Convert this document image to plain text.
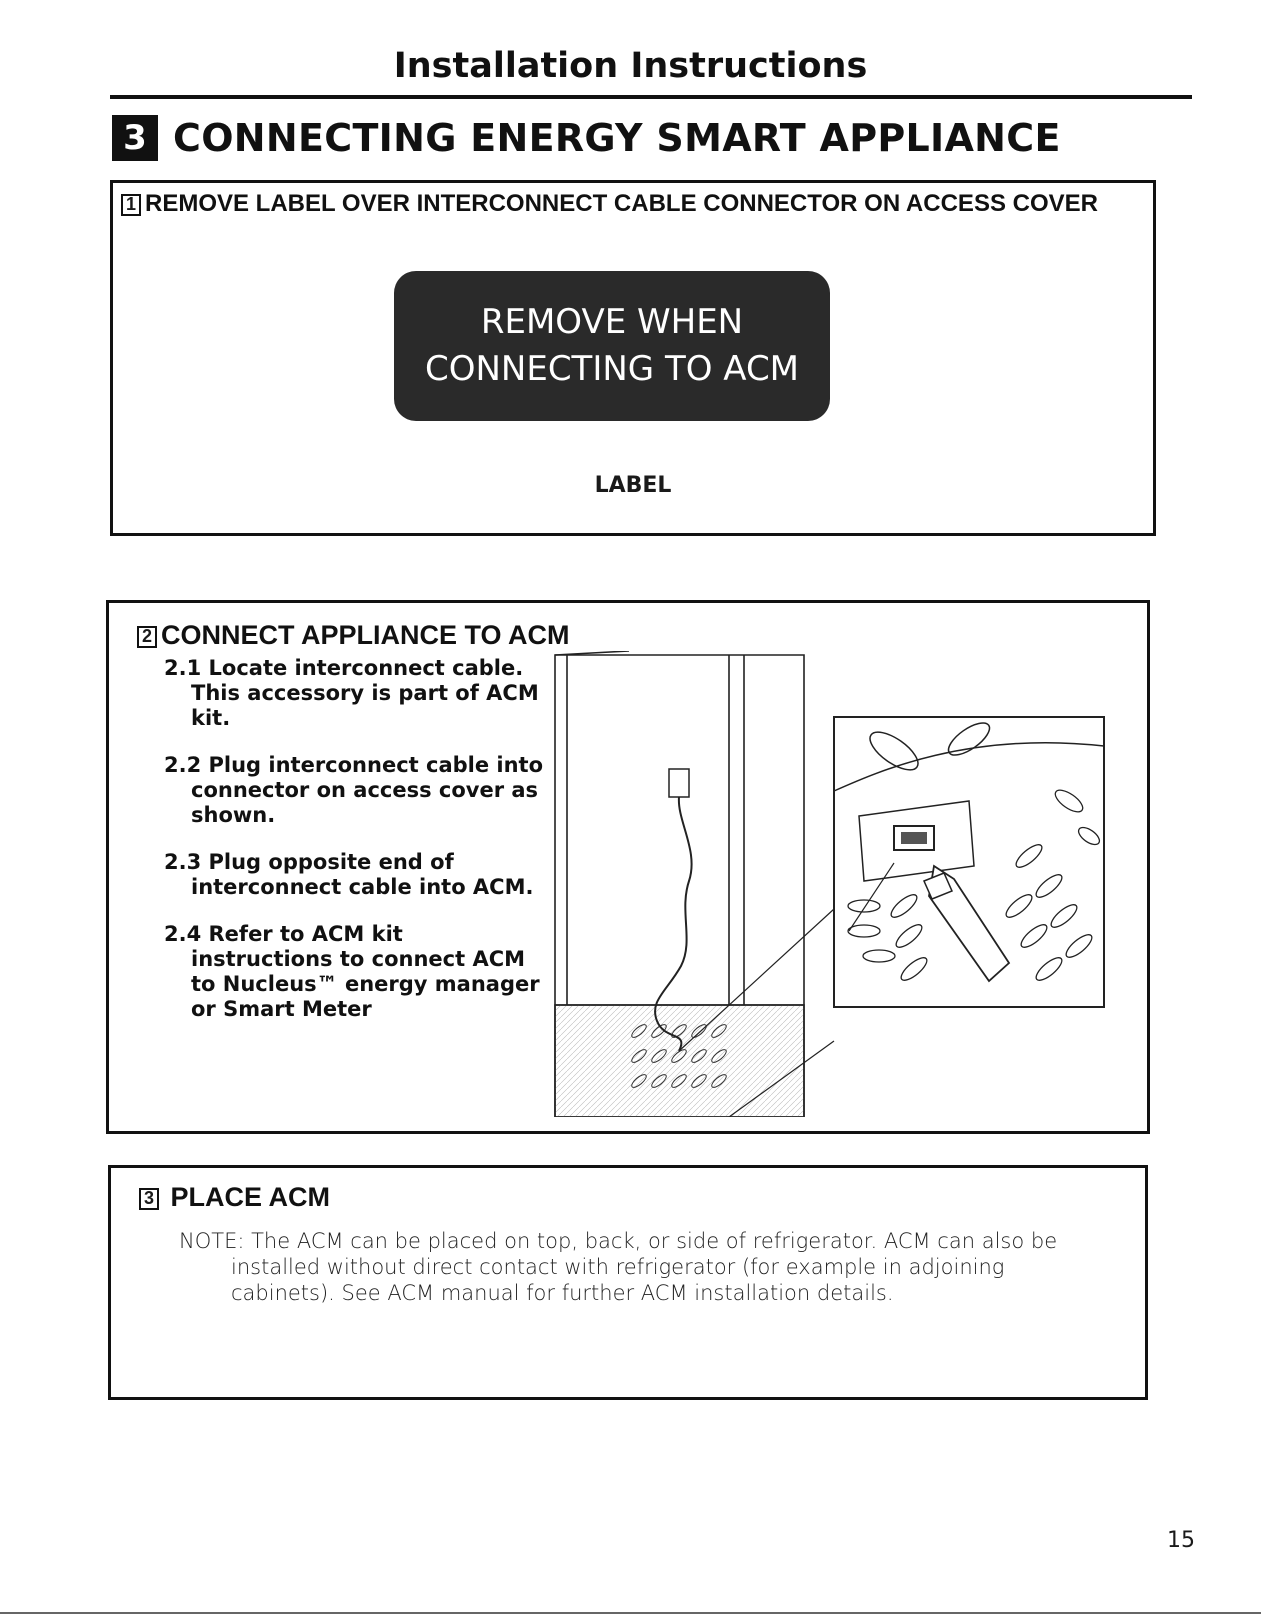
Installation Instructions
3 CONNECTING ENERGY SMART APPLIANCE
1 REMOVE LABEL OVER INTERCONNECT CABLE CONNECTOR ON ACCESS COVER
REMOVE WHEN
CONNECTING TO ACM
LABEL
2 CONNECT APPLIANCE TO ACM
2.1 Locate interconnect cable.
This accessory is part of ACM kit.
2.2 Plug interconnect cable into
connector on access cover as shown.
2.3 Plug opposite end of
interconnect cable into ACM.
2.4 Refer to ACM kit
instructions to connect ACM to Nucleus™ energy manager or Smart Meter
3 PLACE ACM
NOTE: The ACM can be placed on top, back, or side of refrigerator. ACM can also be
installed without direct contact with refrigerator (for example in adjoining cabinets). See ACM manual for further ACM installation details.
15
